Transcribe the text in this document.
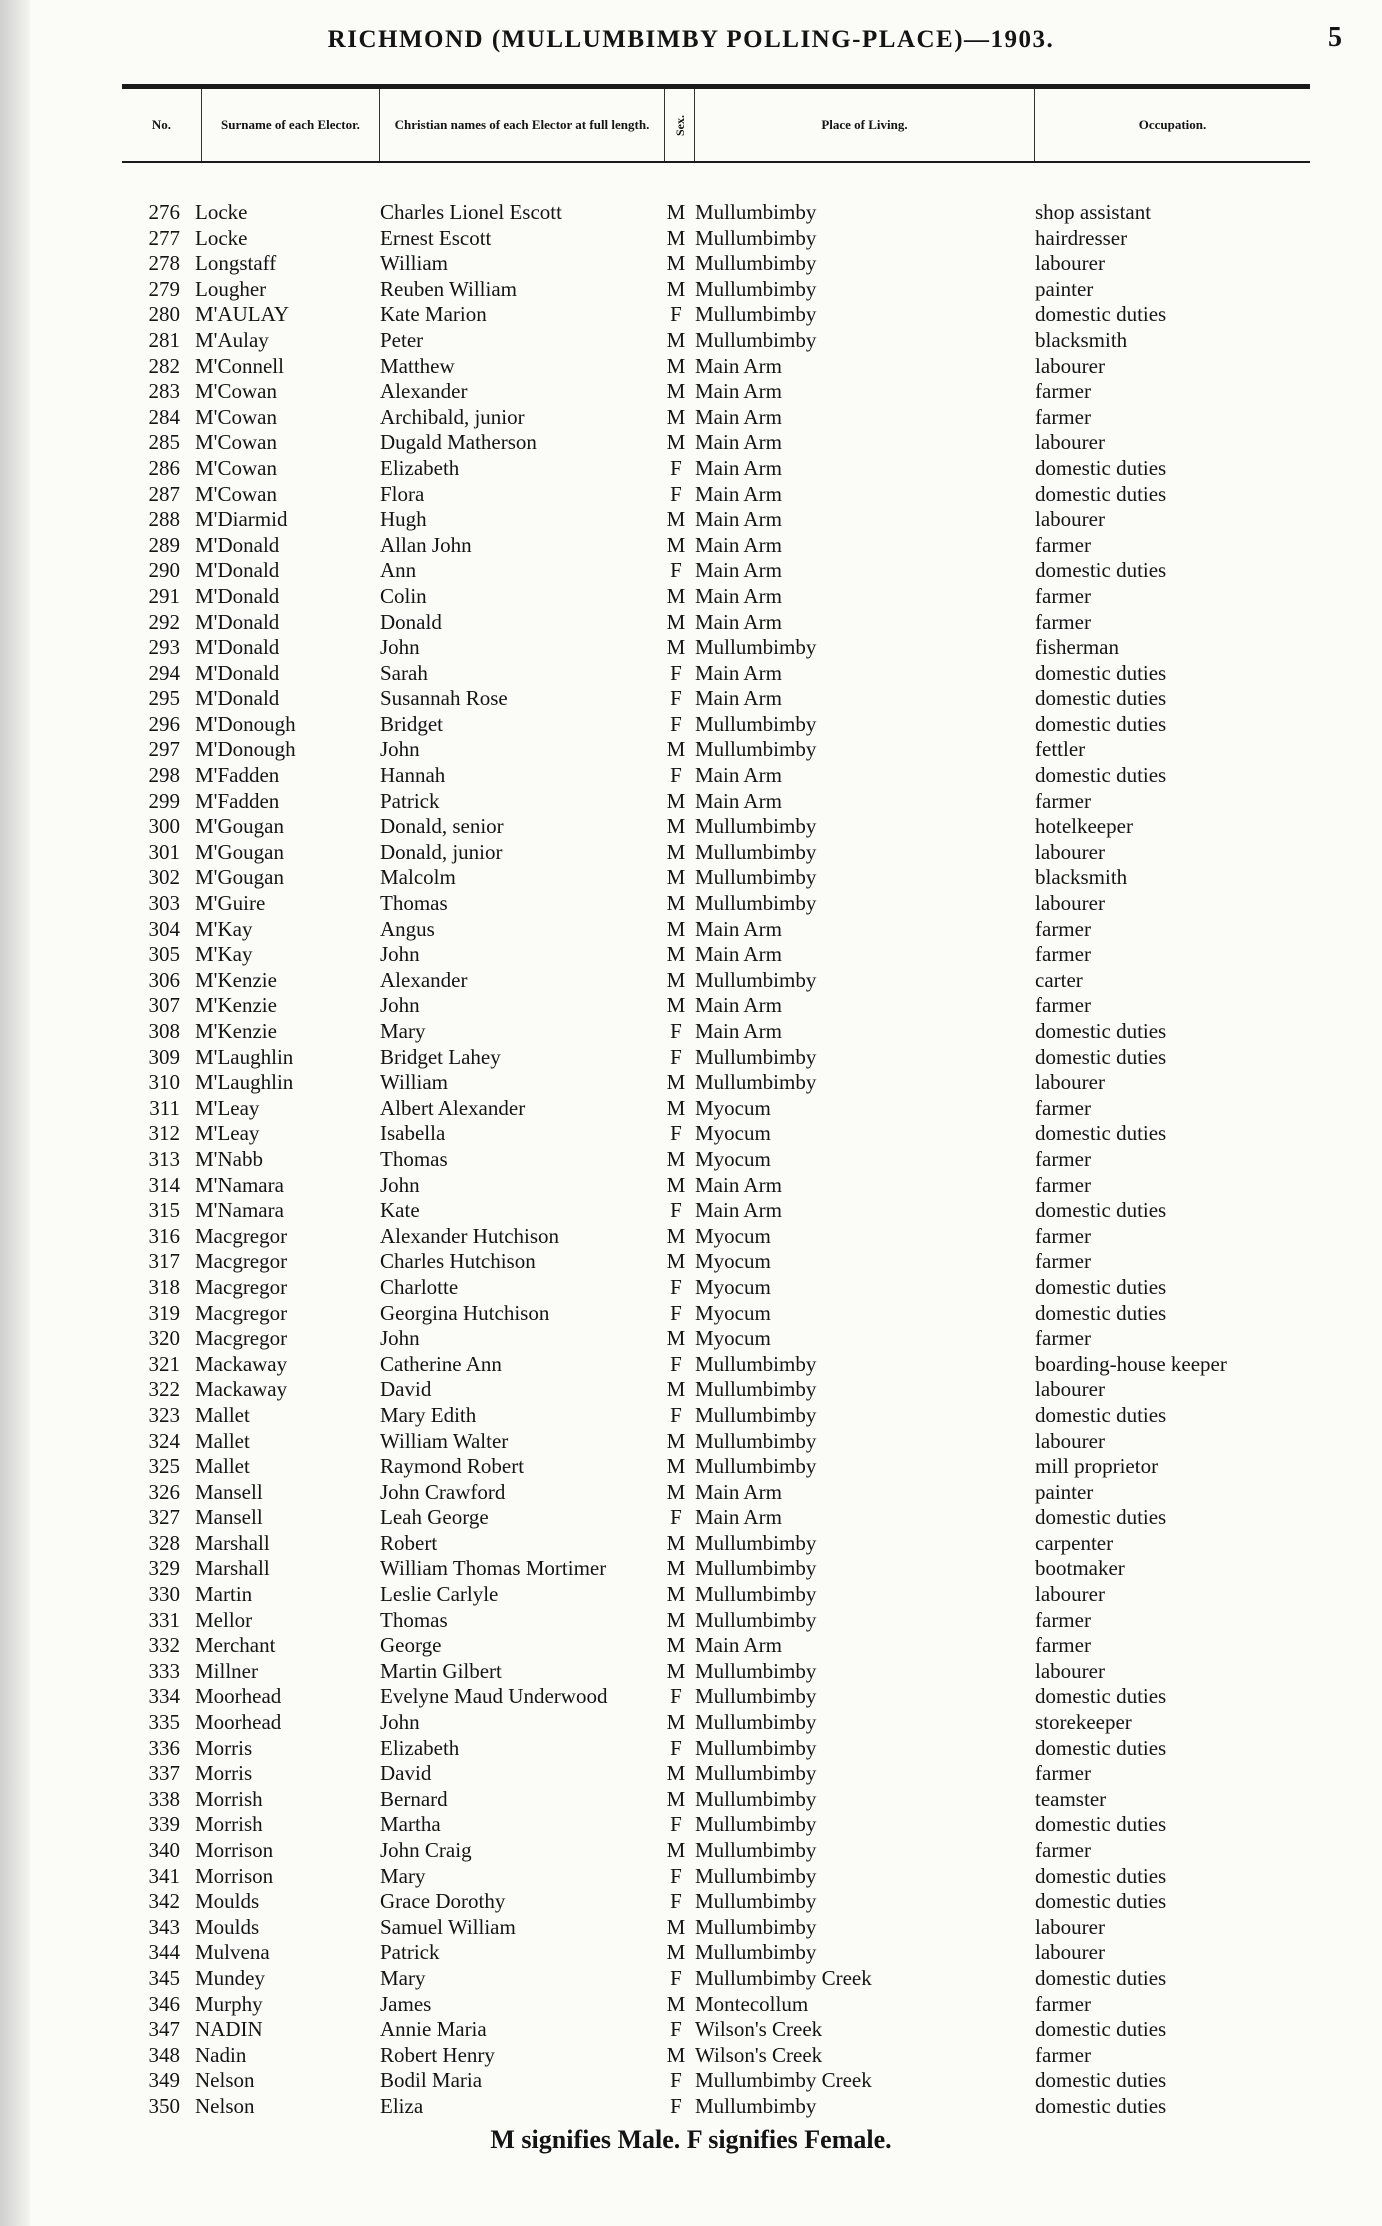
RICHMOND (MULLUMBIMBY POLLING-PLACE)—1903.	5
No.	Surname of each Elector.	Christian names of each Elector at full length.	Sex.	Place of Living.	Occupation.
276 Locke	Charles Lionel Escott	M Mullumbimby	shop assistant
277 Locke	Ernest Escott	M Mullumbimby	hairdresser
278 Longstaff	William	M Mullumbimby	labourer
279 Lougher	Reuben William	M Mullumbimby	painter
280 M'AULAY	Kate Marion	F Mullumbimby	domestic duties
281 M'Aulay	Peter	M Mullumbimby	blacksmith
282 M'Connell	Matthew	M Main Arm	labourer
283 M'Cowan	Alexander	M Main Arm	farmer
284 M'Cowan	Archibald, junior	M Main Arm	farmer
285 M'Cowan	Dugald Matherson	M Main Arm	labourer
286 M'Cowan	Elizabeth	F Main Arm	domestic duties
287 M'Cowan	Flora	F Main Arm	domestic duties
288 M'Diarmid	Hugh	M Main Arm	labourer
289 M'Donald	Allan John	M Main Arm	farmer
290 M'Donald	Ann	F Main Arm	domestic duties
291 M'Donald	Colin	M Main Arm	farmer
292 M'Donald	Donald	M Main Arm	farmer
293 M'Donald	John	M Mullumbimby	fisherman
294 M'Donald	Sarah	F Main Arm	domestic duties
295 M'Donald	Susannah Rose	F Main Arm	domestic duties
296 M'Donough	Bridget	F Mullumbimby	domestic duties
297 M'Donough	John	M Mullumbimby	fettler
298 M'Fadden	Hannah	F Main Arm	domestic duties
299 M'Fadden	Patrick	M Main Arm	farmer
300 M'Gougan	Donald, senior	M Mullumbimby	hotelkeeper
301 M'Gougan	Donald, junior	M Mullumbimby	labourer
302 M'Gougan	Malcolm	M Mullumbimby	blacksmith
303 M'Guire	Thomas	M Mullumbimby	labourer
304 M'Kay	Angus	M Main Arm	farmer
305 M'Kay	John	M Main Arm	farmer
306 M'Kenzie	Alexander	M Mullumbimby	carter
307 M'Kenzie	John	M Main Arm	farmer
308 M'Kenzie	Mary	F Main Arm	domestic duties
309 M'Laughlin	Bridget Lahey	F Mullumbimby	domestic duties
310 M'Laughlin	William	M Mullumbimby	labourer
311 M'Leay	Albert Alexander	M Myocum	farmer
312 M'Leay	Isabella	F Myocum	domestic duties
313 M'Nabb	Thomas	M Myocum	farmer
314 M'Namara	John	M Main Arm	farmer
315 M'Namara	Kate	F Main Arm	domestic duties
316 Macgregor	Alexander Hutchison	M Myocum	farmer
317 Macgregor	Charles Hutchison	M Myocum	farmer
318 Macgregor	Charlotte	F Myocum	domestic duties
319 Macgregor	Georgina Hutchison	F Myocum	domestic duties
320 Macgregor	John	M Myocum	farmer
321 Mackaway	Catherine Ann	F Mullumbimby	boarding-house keeper
322 Mackaway	David	M Mullumbimby	labourer
323 Mallet	Mary Edith	F Mullumbimby	domestic duties
324 Mallet	William Walter	M Mullumbimby	labourer
325 Mallet	Raymond Robert	M Mullumbimby	mill proprietor
326 Mansell	John Crawford	M Main Arm	painter
327 Mansell	Leah George	F Main Arm	domestic duties
328 Marshall	Robert	M Mullumbimby	carpenter
329 Marshall	William Thomas Mortimer	M Mullumbimby	bootmaker
330 Martin	Leslie Carlyle	M Mullumbimby	labourer
331 Mellor	Thomas	M Mullumbimby	farmer
332 Merchant	George	M Main Arm	farmer
333 Millner	Martin Gilbert	M Mullumbimby	labourer
334 Moorhead	Evelyne Maud Underwood	F Mullumbimby	domestic duties
335 Moorhead	John	M Mullumbimby	storekeeper
336 Morris	Elizabeth	F Mullumbimby	domestic duties
337 Morris	David	M Mullumbimby	farmer
338 Morrish	Bernard	M Mullumbimby	teamster
339 Morrish	Martha	F Mullumbimby	domestic duties
340 Morrison	John Craig	M Mullumbimby	farmer
341 Morrison	Mary	F Mullumbimby	domestic duties
342 Moulds	Grace Dorothy	F Mullumbimby	domestic duties
343 Moulds	Samuel William	M Mullumbimby	labourer
344 Mulvena	Patrick	M Mullumbimby	labourer
345 Mundey	Mary	F Mullumbimby Creek	domestic duties
346 Murphy	James	M Montecollum	farmer
347 NADIN	Annie Maria	F Wilson's Creek	domestic duties
348 Nadin	Robert Henry	M Wilson's Creek	farmer
349 Nelson	Bodil Maria	F Mullumbimby Creek	domestic duties
350 Nelson	Eliza	F Mullumbimby	domestic duties
M signifies Male. F signifies Female.
